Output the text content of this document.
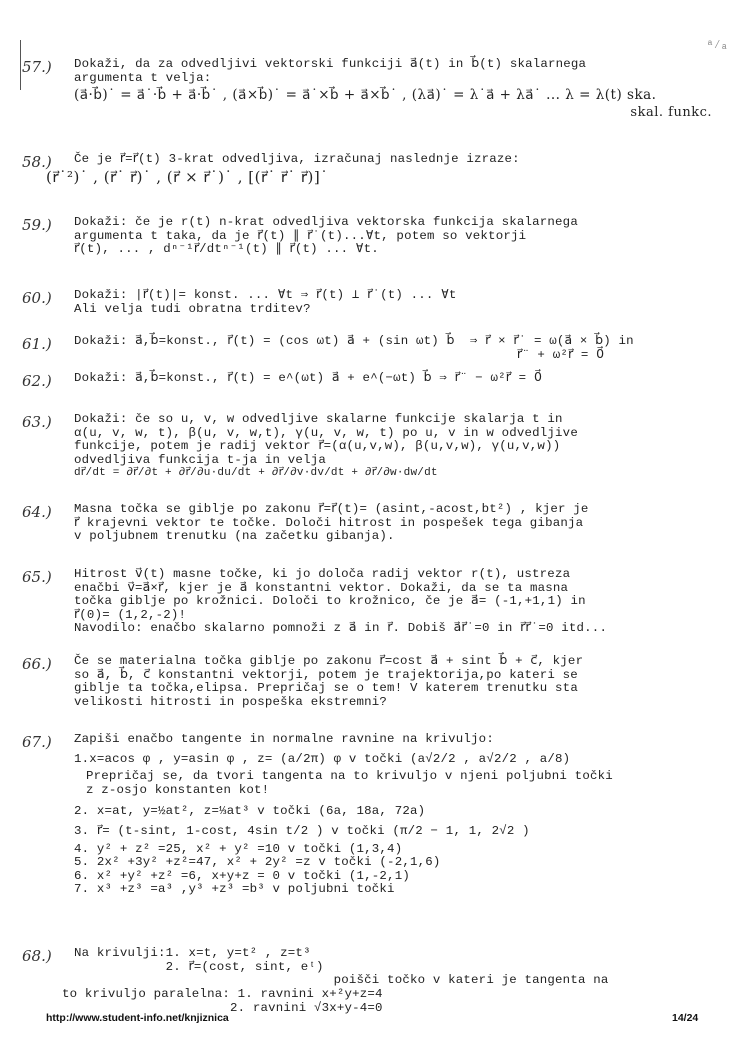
ᵃ⁄ₐ
57.)	Dokaži, da za odvedljivi vektorski funkciji a⃗(t) in b⃗(t) skalarnega
argumenta t velja:
(a⃗·b⃗)˙ = a⃗˙·b⃗ + a⃗·b⃗˙ , (a⃗×b⃗)˙ = a⃗˙×b⃗ + a⃗×b⃗˙ , (λa⃗)˙ = λ˙a⃗ + λa⃗˙ ... λ = λ(t) ska.
skal. funkc.
58.)	Če je r⃗=r⃗(t) 3-krat odvedljiva, izračunaj naslednje izraze:
(r⃗˙²)˙ , (r⃗˙ r⃗)˙ , (r⃗ × r⃗˙)˙ , [(r⃗˙ r⃗˙ r⃗)]˙
59.)	Dokaži: če je r(t) n-krat odvedljiva vektorska funkcija skalarnega
argumenta t taka, da je r⃗(t) ∥ r⃗˙(t)...∀t, potem so vektorji
r⃗(t), ... , dⁿ⁻¹r⃗/dtⁿ⁻¹(t) ∥ r⃗(t) ... ∀t.
60.)	Dokaži: |r⃗(t)|= konst. ... ∀t ⇒ r⃗(t) ⊥ r⃗˙(t) ... ∀t
Ali velja tudi obratna trditev?
61.)	Dokaži: a⃗,b⃗=konst., r⃗(t) = (cos ωt) a⃗ + (sin ωt) b⃗  ⇒ r⃗ × r⃗˙ = ω(a⃗ × b⃗) in
r⃗¨ + ω²r⃗ = 0⃗
62.)	Dokaži: a⃗,b⃗=konst., r⃗(t) = e^(ωt) a⃗ + e^(−ωt) b⃗ ⇒ r⃗¨ − ω²r⃗ = 0⃗
63.)	Dokaži: če so u, v, w odvedljive skalarne funkcije skalarja t in
α(u, v, w, t), β(u, v, w,t), γ(u, v, w, t) po u, v in w odvedljive
funkcije, potem je radij vektor r⃗=(α(u,v,w), β(u,v,w), γ(u,v,w))
odvedljiva funkcija t-ja in velja
dr⃗/dt = ∂r⃗/∂t + ∂r⃗/∂u·du/dt + ∂r⃗/∂v·dv/dt + ∂r⃗/∂w·dw/dt
64.)	Masna točka se giblje po zakonu r⃗=r⃗(t)= (asint,-acost,bt²) , kjer je
r⃗ krajevni vektor te točke. Določi hitrost in pospešek tega gibanja
v poljubnem trenutku (na začetku gibanja).
65.)	Hitrost v⃗(t) masne točke, ki jo določa radij vektor r(t), ustreza
enačbi v⃗=a⃗×r⃗, kjer je a⃗ konstantni vektor. Dokaži, da se ta masna
točka giblje po krožnici. Določi to krožnico, če je a⃗= (-1,+1,1) in
r⃗(0)= (1,2,-2)!
Navodilo: enačbo skalarno pomnoži z a⃗ in r⃗. Dobiš a⃗r⃗˙=0 in r⃗r⃗˙=0 itd...
66.)	Če se materialna točka giblje po zakonu r⃗=cost a⃗ + sint b⃗ + c⃗, kjer
so a⃗, b⃗, c⃗ konstantni vektorji, potem je trajektorija,po kateri se
giblje ta točka,elipsa. Prepričaj se o tem! V katerem trenutku sta
velikosti hitrosti in pospeška ekstremni?
67.)	Zapiši enačbo tangente in normalne ravnine na krivuljo:
1.x=acos φ , y=asin φ , z= (a/2π) φ v točki (a√2/2 , a√2/2 , a/8)
Prepričaj se, da tvori tangenta na to krivuljo v njeni poljubni točki
z z-osjo konstanten kot!
2. x=at, y=½at², z=⅓at³ v točki (6a, 18a, 72a)
3. r⃗= (t-sint, 1-cost, 4sin t/2 ) v točki (π/2 − 1, 1, 2√2 )
4. y² + z² =25, x² + y² =10 v točki (1,3,4)
5. 2x² +3y² +z²=47, x² + 2y² =z v točki (-2,1,6)
6. x² +y² +z² =6, x+y+z = 0 v točki (1,-2,1)
7. x³ +z³ =a³ ,y³ +z³ =b³ v poljubni točki
68.)	Na krivulji:1. x=t, y=t² , z=t³
2. r⃗=(cost, sint, eᵗ)
poišči točko v kateri je tangenta na
to krivuljo paralelna: 1. ravnini x+²y+z=4
2. ravnini √3x+y-4=0
http://www.student-info.net/knjiznica	14/24
